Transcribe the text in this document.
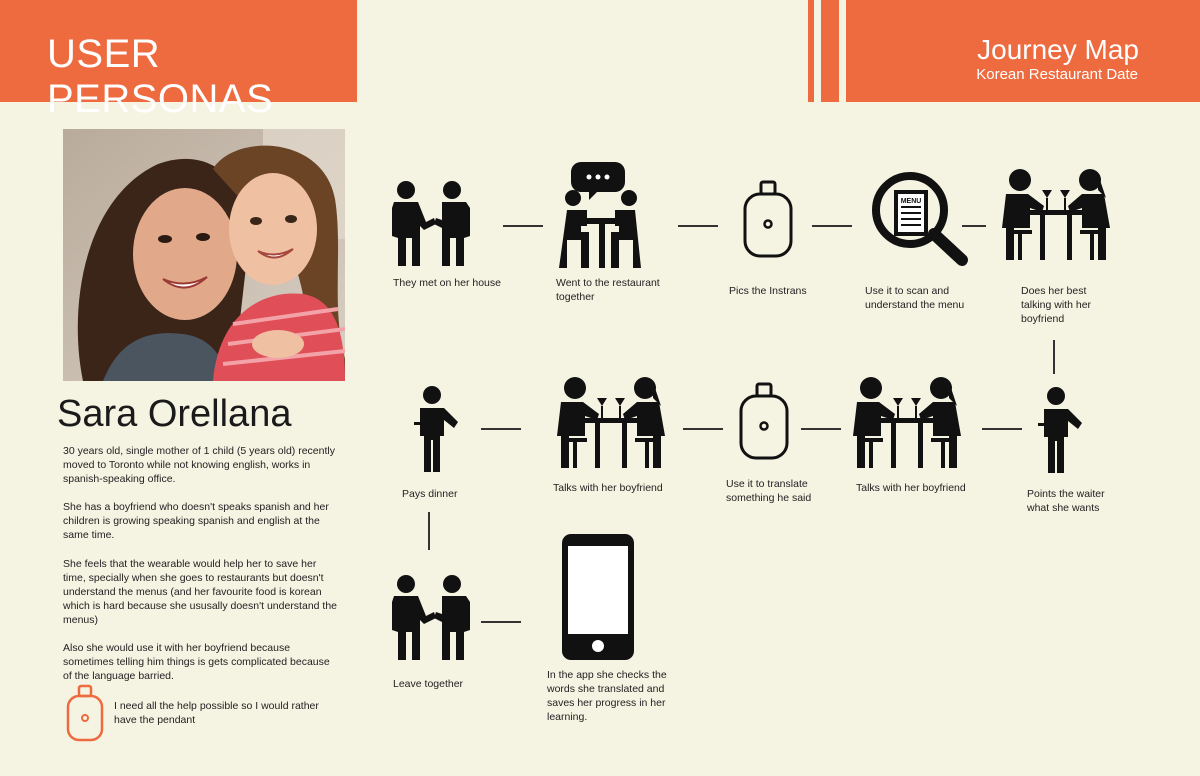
USER PERSONAS
Journey Map
Korean Restaurant Date
Sara Orellana

30 years old, single mother of 1 child (5 years old) recently moved to Toronto while not knowing english, works in spanish-speaking office.

She has a boyfriend who doesn't speaks spanish and her children is growing speaking spanish and english at the same time.

She feels that the wearable would help her to save her time, specially when she goes to restaurants but doesn't understand the menus (and her favourite food is korean which is hard because she ususally doesn't understand the menus)

Also she would use it with her boyfriend because sometimes telling him things is gets complicated because of the language barried.

I need all the help possible so I would rather have the pendant

MENU
They met on her house	Went to the restaurant together	Pics the Instrans	Use it to scan and understand the menu
Does her best talking with her boyfriend
Points the waiter what she wants
Talks with her boyfriend
Use it to translate something he said
Talks with her boyfriend
Pays dinner
Leave together
In the app she checks the words she translated and saves her progress in her learning.
